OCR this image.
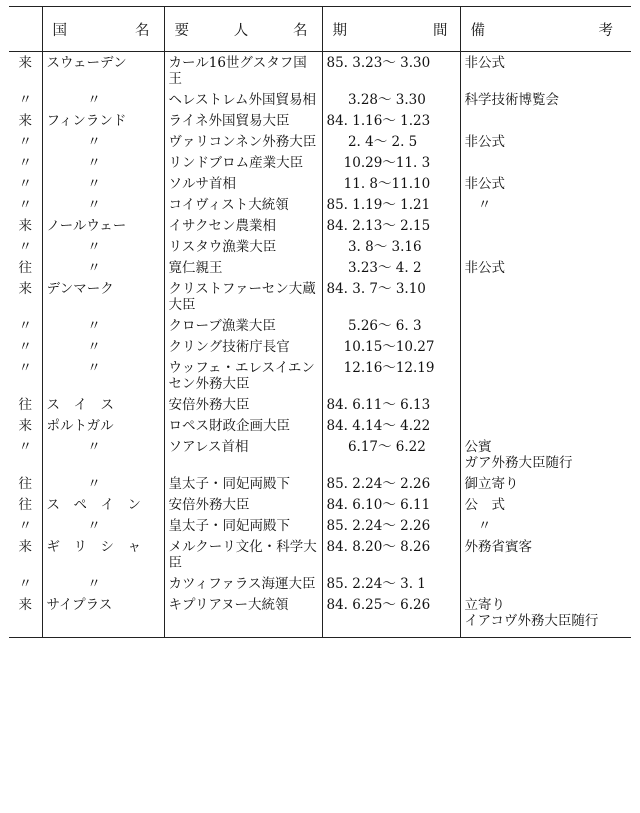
	国 名	要 人 名	期 間	備 考

来	スウェーデン	カール16世グスタフ国王	85. 3.23〜 3.30	非公式
〃	〃	ヘレストレム外国貿易相	3.28〜 3.30	科学技術博覧会
来	フィンランド	ライネ外国貿易大臣	84. 1.16〜 1.23	
〃	〃	ヴァリコンネン外務大臣	2. 4〜 2. 5	非公式
〃	〃	リンドブロム産業大臣	10.29〜11. 3	
〃	〃	ソルサ首相	11. 8〜11.10	非公式
〃	〃	コイヴィスト大統領	85. 1.19〜 1.21	〃
来	ノールウェー	イサクセン農業相	84. 2.13〜 2.15	
〃	〃	リスタウ漁業大臣	3. 8〜 3.16	
往	〃	寛仁親王	3.23〜 4. 2	非公式
来	デンマーク	クリストファーセン大蔵大臣	84. 3. 7〜 3.10	
〃	〃	クローブ漁業大臣	5.26〜 6. 3	
〃	〃	クリング技術庁長官	10.15〜10.27	
〃	〃	ウッフェ・エレスイエンセン外務大臣	12.16〜12.19	
往	ス　イ　ス	安倍外務大臣	84. 6.11〜 6.13	
来	ポルトガル	ロペス財政企画大臣	84. 4.14〜 4.22	
〃	〃	ソアレス首相	6.17〜 6.22	公賓
ガア外務大臣随行
往	〃	皇太子・同妃両殿下	85. 2.24〜 2.26	御立寄り
往	ス　ペ　イ　ン	安倍外務大臣	84. 6.10〜 6.11	公　式
〃	〃	皇太子・同妃両殿下	85. 2.24〜 2.26	〃
来	ギ　リ　シ　ャ	メルクーリ文化・科学大臣	84. 8.20〜 8.26	外務省賓客
〃	〃	カツィファラス海運大臣	85. 2.24〜 3. 1	
来	サイプラス	キプリアヌー大統領	84. 6.25〜 6.26	立寄り
イアコヴ外務大臣随行
